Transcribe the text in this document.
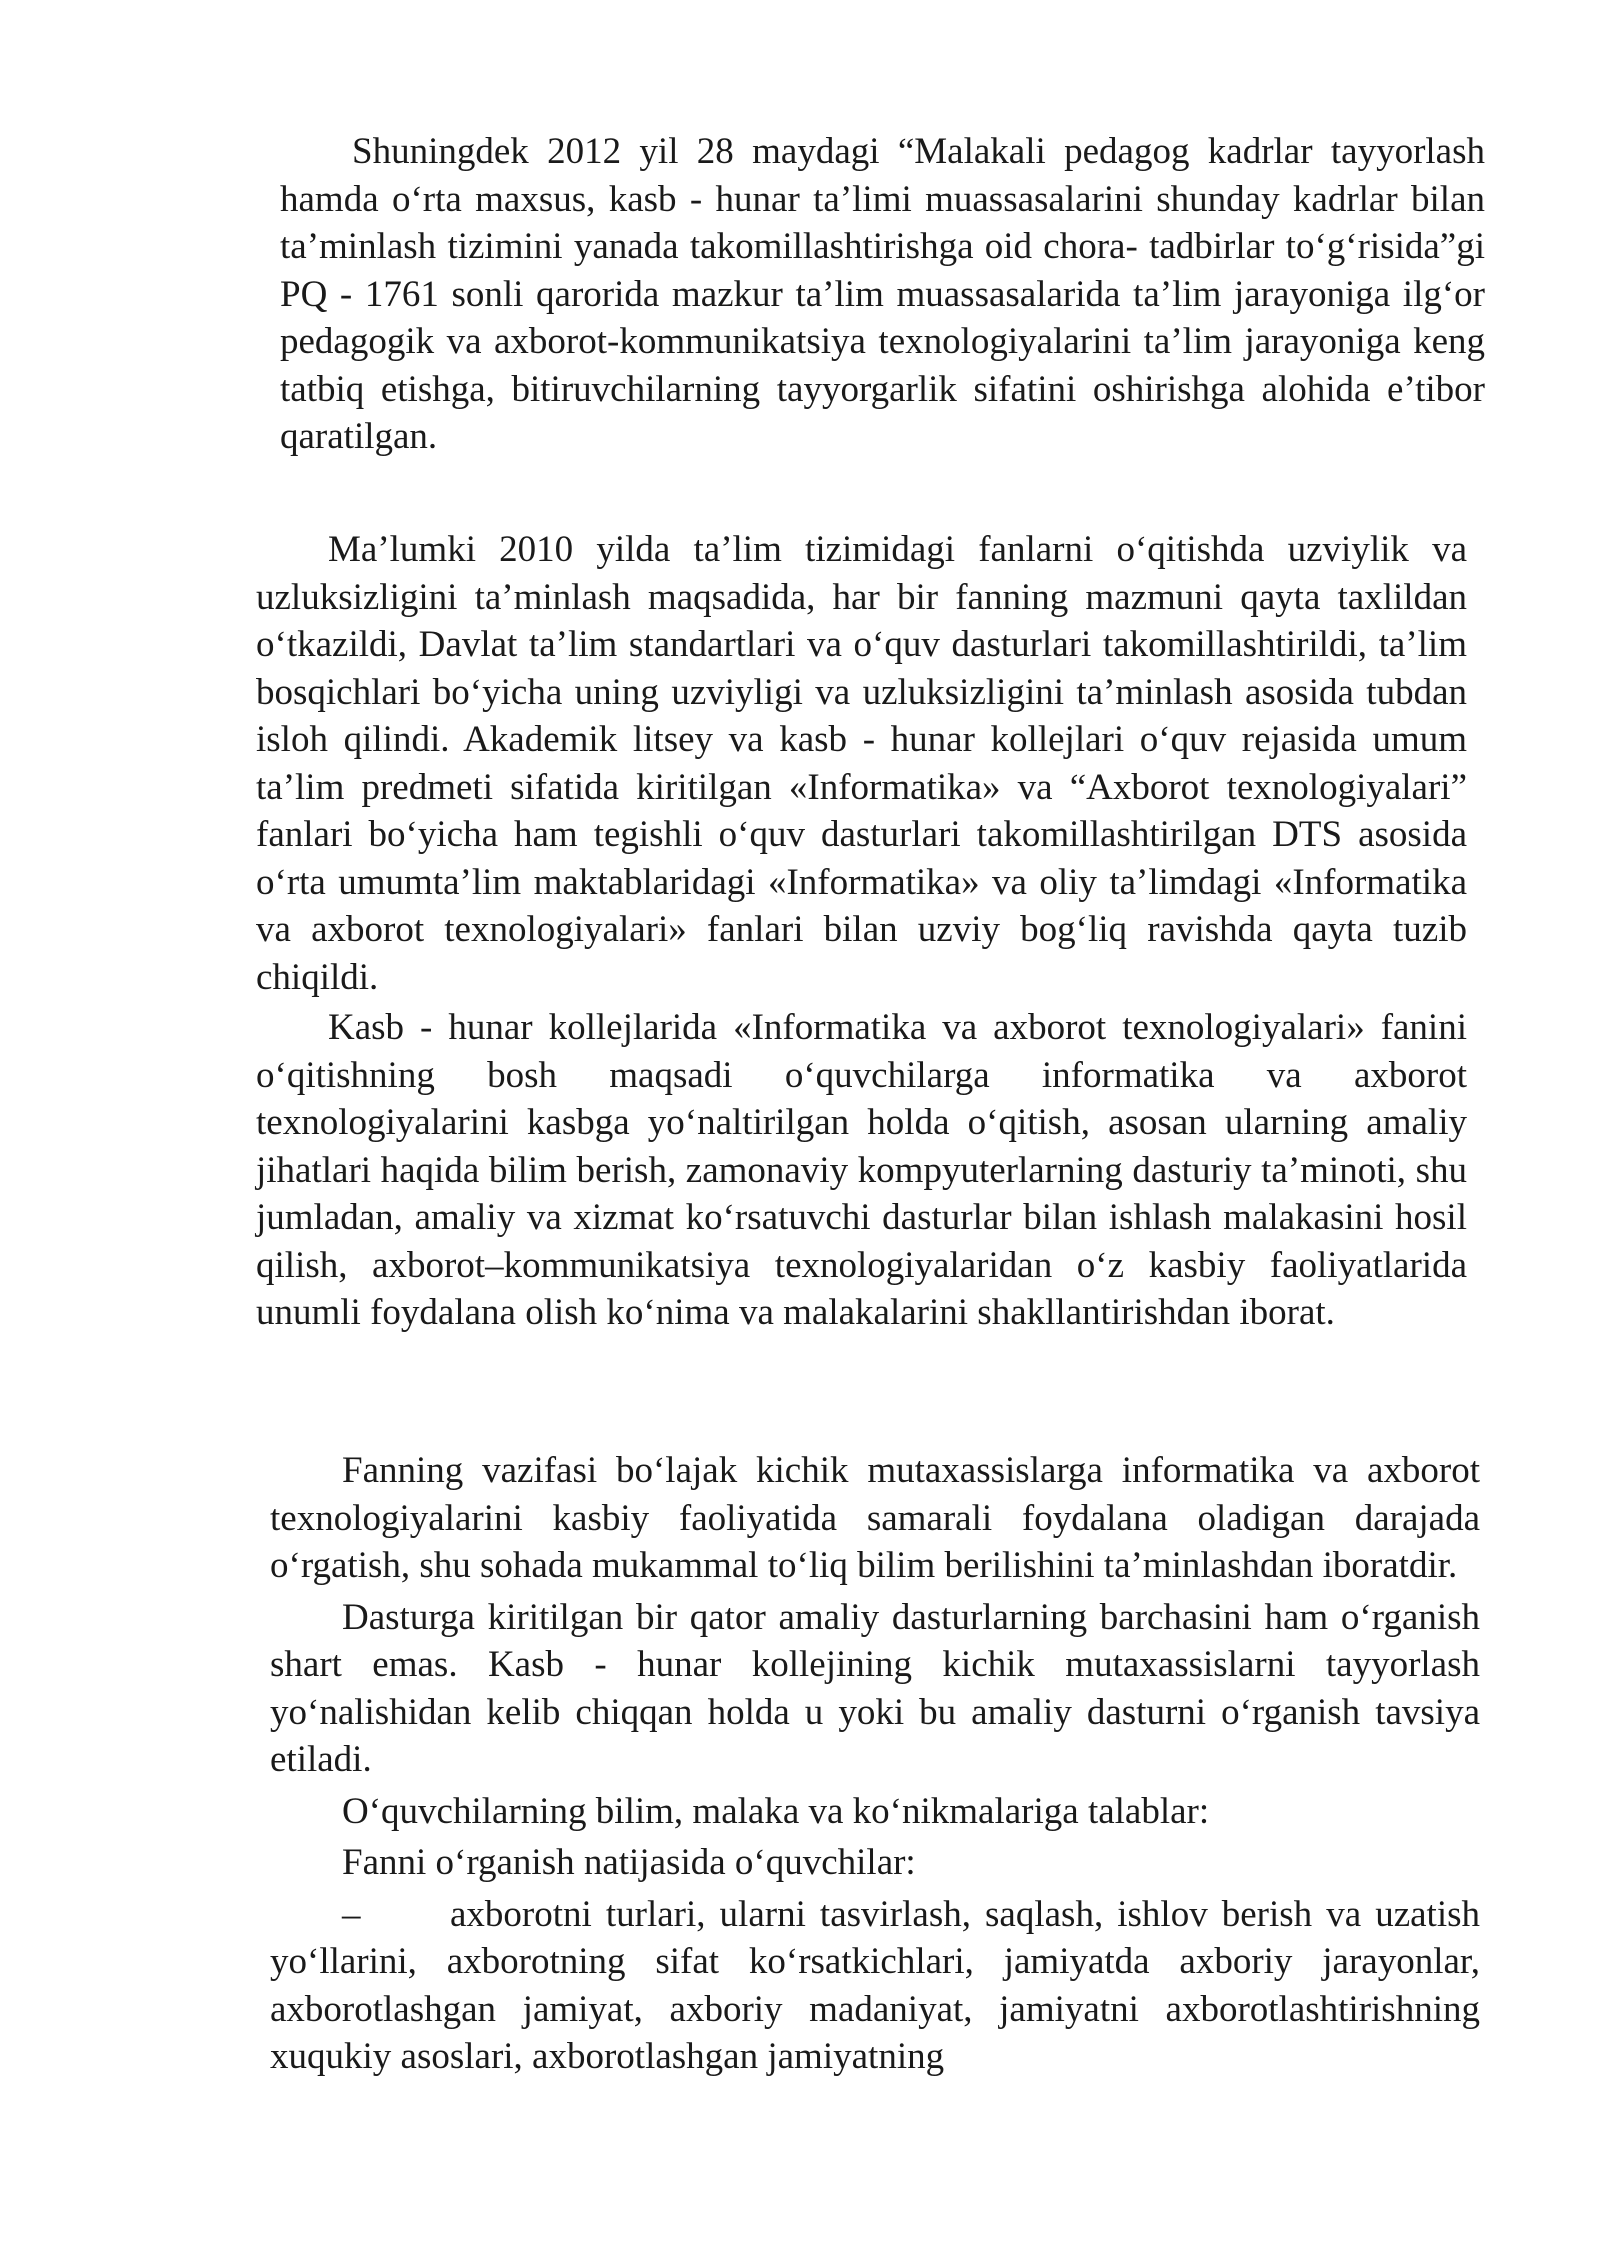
Shuningdek 2012 yil 28 maydagi “Malakali pedagog kadrlar tayyorlash hamda o‘rta maxsus, kasb - hunar ta’limi muassasalarini shunday kadrlar bilan ta’minlash tizimini yanada takomillashtirishga oid chora- tadbirlar to‘g‘risida”gi PQ - 1761 sonli qarorida mazkur ta’lim muassasalarida ta’lim jarayoniga ilg‘or pedagogik va axborot-kommunikatsiya texnologiyalarini ta’lim jarayoniga keng tatbiq etishga, bitiruvchilarning tayyorgarlik sifatini oshirishga alohida e’tibor qaratilgan.

Ma’lumki 2010 yilda ta’lim tizimidagi fanlarni o‘qitishda uzviylik va uzluksizligini ta’minlash maqsadida, har bir fanning mazmuni qayta taxlildan o‘tkazildi, Davlat ta’lim standartlari va o‘quv dasturlari takomillashtirildi, ta’lim bosqichlari bo‘yicha uning uzviyligi va uzluksizligini ta’minlash asosida tubdan isloh qilindi. Akademik litsey va kasb - hunar kollejlari o‘quv rejasida umum ta’lim predmeti sifatida kiritilgan «Informatika» va “Axborot texnologiyalari” fanlari bo‘yicha ham tegishli o‘quv dasturlari takomillashtirilgan DTS asosida o‘rta umumta’lim maktablaridagi «Informatika» va oliy ta’limdagi «Informatika va axborot texnologiyalari» fanlari bilan uzviy bog‘liq ravishda qayta tuzib chiqildi.

Kasb - hunar kollejlarida «Informatika va axborot texnologiyalari» fanini o‘qitishning bosh maqsadi o‘quvchilarga informatika va axborot texnologiyalarini kasbga yo‘naltirilgan holda o‘qitish, asosan ularning amaliy jihatlari haqida bilim berish, zamonaviy kompyuterlarning dasturiy ta’minoti, shu jumladan, amaliy va xizmat ko‘rsatuvchi dasturlar bilan ishlash malakasini hosil qilish, axborot–kommunikatsiya texnologiyalaridan o‘z kasbiy faoliyatlarida unumli foydalana olish ko‘nima va malakalarini shakllantirishdan iborat.

Fanning vazifasi bo‘lajak kichik mutaxassislarga informatika va axborot texnologiyalarini kasbiy faoliyatida samarali foydalana oladigan darajada o‘rgatish, shu sohada mukammal to‘liq bilim berilishini ta’minlashdan iboratdir.

Dasturga kiritilgan bir qator amaliy dasturlarning barchasini ham o‘rganish shart emas. Kasb - hunar kollejining kichik mutaxassislarni tayyorlash yo‘nalishidan kelib chiqqan holda u yoki bu amaliy dasturni o‘rganish tavsiya etiladi.

O‘quvchilarning bilim, malaka va ko‘nikmalariga talablar:

Fanni o‘rganish natijasida o‘quvchilar:

– axborotni turlari, ularni tasvirlash, saqlash, ishlov berish va uzatish yo‘llarini, axborotning sifat ko‘rsatkichlari, jamiyatda axboriy jarayonlar, axborotlashgan jamiyat, axboriy madaniyat, jamiyatni axborotlashtirishning xuqukiy asoslari, axborotlashgan jamiyatning
